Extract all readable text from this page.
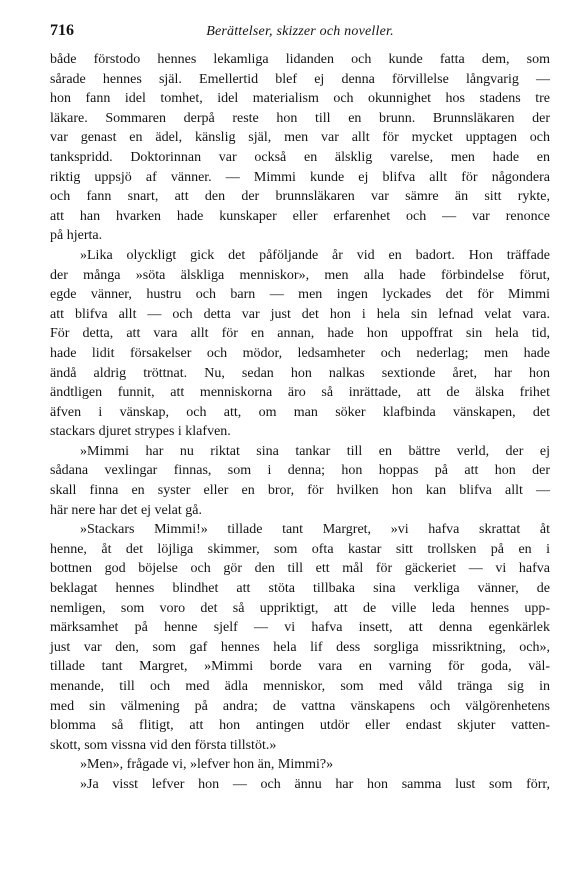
716	Berättelser, skizzer och noveller.
både förstodo hennes lekamliga lidanden och kunde fatta dem, som
sårade hennes själ. Emellertid blef ej denna förvillelse långvarig —
hon fann idel tomhet, idel materialism och okunnighet hos stadens tre
läkare. Sommaren derpå reste hon till en brunn. Brunnsläkaren der
var genast en ädel, känslig själ, men var allt för mycket upptagen och
tankspridd. Doktorinnan var också en älsklig varelse, men hade en
riktig uppsjö af vänner. — Mimmi kunde ej blifva allt för någondera
och fann snart, att den der brunnsläkaren var sämre än sitt rykte,
att han hvarken hade kunskaper eller erfarenhet och — var renonce
på hjerta.
»Lika olyckligt gick det påföljande år vid en badort. Hon träffade
der många »söta älskliga menniskor», men alla hade förbindelse förut,
egde vänner, hustru och barn — men ingen lyckades det för Mimmi
att blifva allt — och detta var just det hon i hela sin lefnad velat vara.
För detta, att vara allt för en annan, hade hon uppoffrat sin hela tid,
hade lidit försakelser och mödor, ledsamheter och nederlag; men hade
ändå aldrig tröttnat. Nu, sedan hon nalkas sextionde året, har hon
ändtligen funnit, att menniskorna äro så inrättade, att de älska frihet
äfven i vänskap, och att, om man söker klafbinda vänskapen, det
stackars djuret strypes i klafven.
»Mimmi har nu riktat sina tankar till en bättre verld, der ej
sådana vexlingar finnas, som i denna; hon hoppas på att hon der
skall finna en syster eller en bror, för hvilken hon kan blifva allt —
här nere har det ej velat gå.
»Stackars Mimmi!» tillade tant Margret, »vi hafva skrattat åt
henne, åt det löjliga skimmer, som ofta kastar sitt trollsken på en i
bottnen god böjelse och gör den till ett mål för gäckeriet — vi hafva
beklagat hennes blindhet att stöta tillbaka sina verkliga vänner, de
nemligen, som voro det så uppriktigt, att de ville leda hennes upp-
märksamhet på henne sjelf — vi hafva insett, att denna egenkärlek
just var den, som gaf hennes hela lif dess sorgliga missriktning, och»,
tillade tant Margret, »Mimmi borde vara en varning för goda, väl-
menande, till och med ädla menniskor, som med våld tränga sig in
med sin välmening på andra; de vattna vänskapens och välgörenhetens
blomma så flitigt, att hon antingen utdör eller endast skjuter vatten-
skott, som vissna vid den första tillstöt.»
»Men», frågade vi, »lefver hon än, Mimmi?»
»Ja visst lefver hon — och ännu har hon samma lust som förr,
